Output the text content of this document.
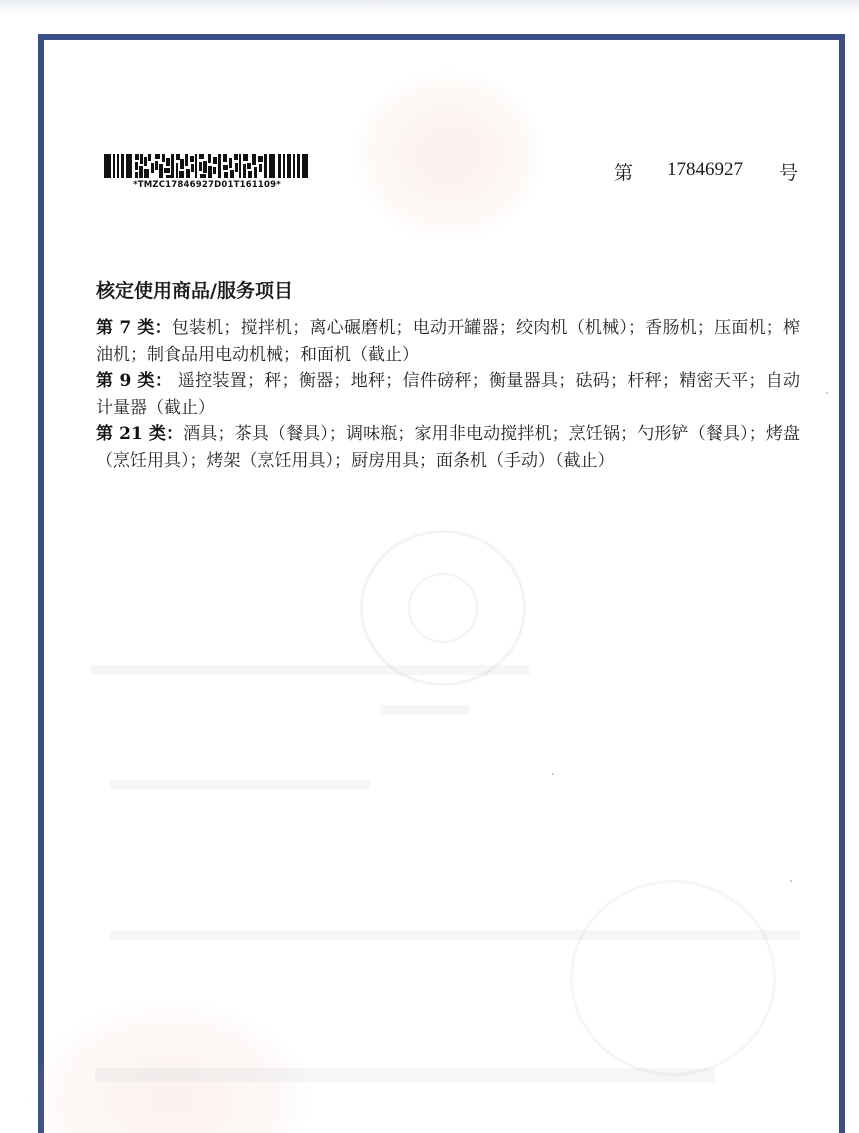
*TMZC17846927D01T161109*
第 17846927 号
核定使用商品/服务项目

第 7 类：包装机；搅拌机；离心碾磨机；电动开罐器；绞肉机（机械）；香肠机；压面机；榨油机；制食品用电动机械；和面机（截止）

第 9 类： 遥控装置；秤；衡器；地秤；信件磅秤；衡量器具；砝码；杆秤；精密天平；自动计量器（截止）

第 21 类：酒具；茶具（餐具）；调味瓶；家用非电动搅拌机；烹饪锅；勺形铲（餐具）；烤盘（烹饪用具）；烤架（烹饪用具）；厨房用具；面条机（手动）（截止）
